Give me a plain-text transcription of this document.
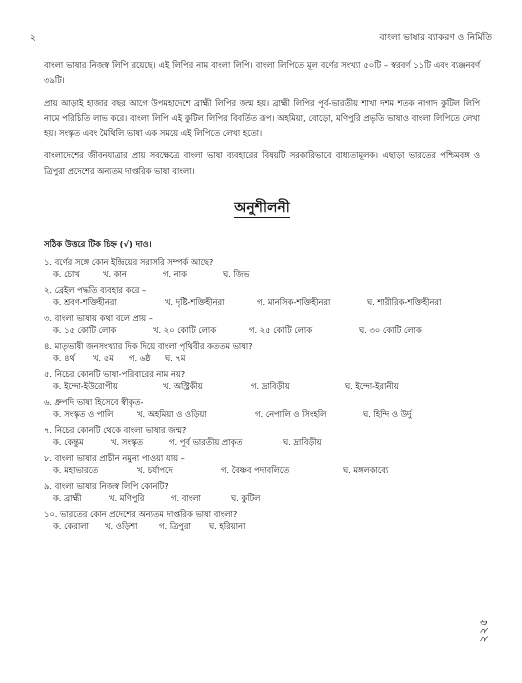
২	বাংলা ভাষার ব্যাকরণ ও নির্মিতি

বাংলা ভাষার নিজস্ব লিপি রয়েছে। এই লিপির নাম বাংলা লিপি। বাংলা লিপিতে মূল বর্ণের সংখ্যা ৫০টি – স্বরবর্ণ ১১টি এবং ব্যঞ্জনবর্ণ ৩৯টি।

প্রায় আড়াই হাজার বছর আগে উপমহাদেশে ব্রাহ্মী লিপির জন্ম হয়। ব্রাহ্মী লিপির পূর্ব-ভারতীয় শাখা দশম শতক নাগাদ কুটিল লিপি নামে পরিচিতি লাভ করে। বাংলা লিপি এই কুটিল লিপির বিবর্তিত রূপ। অহমিয়া, বোড়ো, মণিপুরি প্রভৃতি ভাষাও বাংলা লিপিতে লেখা হয়। সংস্কৃত এবং মৈথিলি ভাষা এক সময়ে এই লিপিতে লেখা হতো।

বাংলাদেশের জীবনযাত্রার প্রায় সবক্ষেত্রে বাংলা ভাষা ব্যবহারের বিষয়টি সরকারিভাবে বাধ্যতামূলক। এছাড়া ভারতের পশ্চিমবঙ্গ ও ত্রিপুরা প্রদেশের অন্যতম দাপ্তরিক ভাষা বাংলা।

অনুশীলনী
সঠিক উত্তরে টিক চিহ্ন (√) দাও।
১. বর্ণের সঙ্গে কোন ইন্দ্রিয়ের সরাসরি সম্পর্ক আছে?
ক. চোখ	খ. কান	গ. নাক	ঘ. জিভ
২. ব্রেইল পদ্ধতি ব্যবহার করে –
ক. শ্রবণ-শক্তিহীনরা	খ. দৃষ্টি-শক্তিহীনরা	গ. মানসিক-শক্তিহীনরা	ঘ. শারীরিক-শক্তিহীনরা
৩. বাংলা ভাষায় কথা বলে প্রায় –
ক. ১৫ কোটি লোক	খ. ২০ কোটি লোক	গ. ২৫ কোটি লোক	ঘ. ৩০ কোটি লোক
৪. মাতৃভাষী জনসংখ্যার দিক দিয়ে বাংলা পৃথিবীর কততম ভাষা?
ক. ৪র্থ	খ. ৫ম	গ. ৬ষ্ঠ	ঘ. ৭ম
৫. নিচের কোনটি ভাষা-পরিবারের নাম নয়?
ক. ইন্দো-ইউরোপীয়	খ. অস্ট্রিকীয়	গ. দ্রাবিড়ীয়	ঘ. ইন্দো-ইরানীয়
৬. ধ্রুপদি ভাষা হিসেবে স্বীকৃত-
ক. সংস্কৃত ও পালি	খ. অহমিয়া ও ওড়িয়া	গ. নেপালি ও সিংহলি	ঘ. হিন্দি ও উর্দু
৭. নিচের কোনটি থেকে বাংলা ভাষার জন্ম?
ক. কেন্তুম	খ. সংস্কৃত	গ. পূর্ব ভারতীয় প্রাকৃত	ঘ. দ্রাবিড়ীয়
৮. বাংলা ভাষার প্রাচীন নমুনা পাওয়া যায় –
ক. মহাভারতে	খ. চর্যাপদে	গ. বৈষ্ণব পদাবলিতে	ঘ. মঙ্গলকাব্যে
৯. বাংলা ভাষার নিজস্ব লিপি কোনটি?
ক. ব্রাহ্মী	খ. মণিপুরি	গ. বাংলা	ঘ. কুটিল
১০. ভারতের কোন প্রদেশের অন্যতম দাপ্তরিক ভাষা বাংলা?
ক. কেরালা	খ. ওড়িশা	গ. ত্রিপুরা	ঘ. হরিয়ানা
২২৫
